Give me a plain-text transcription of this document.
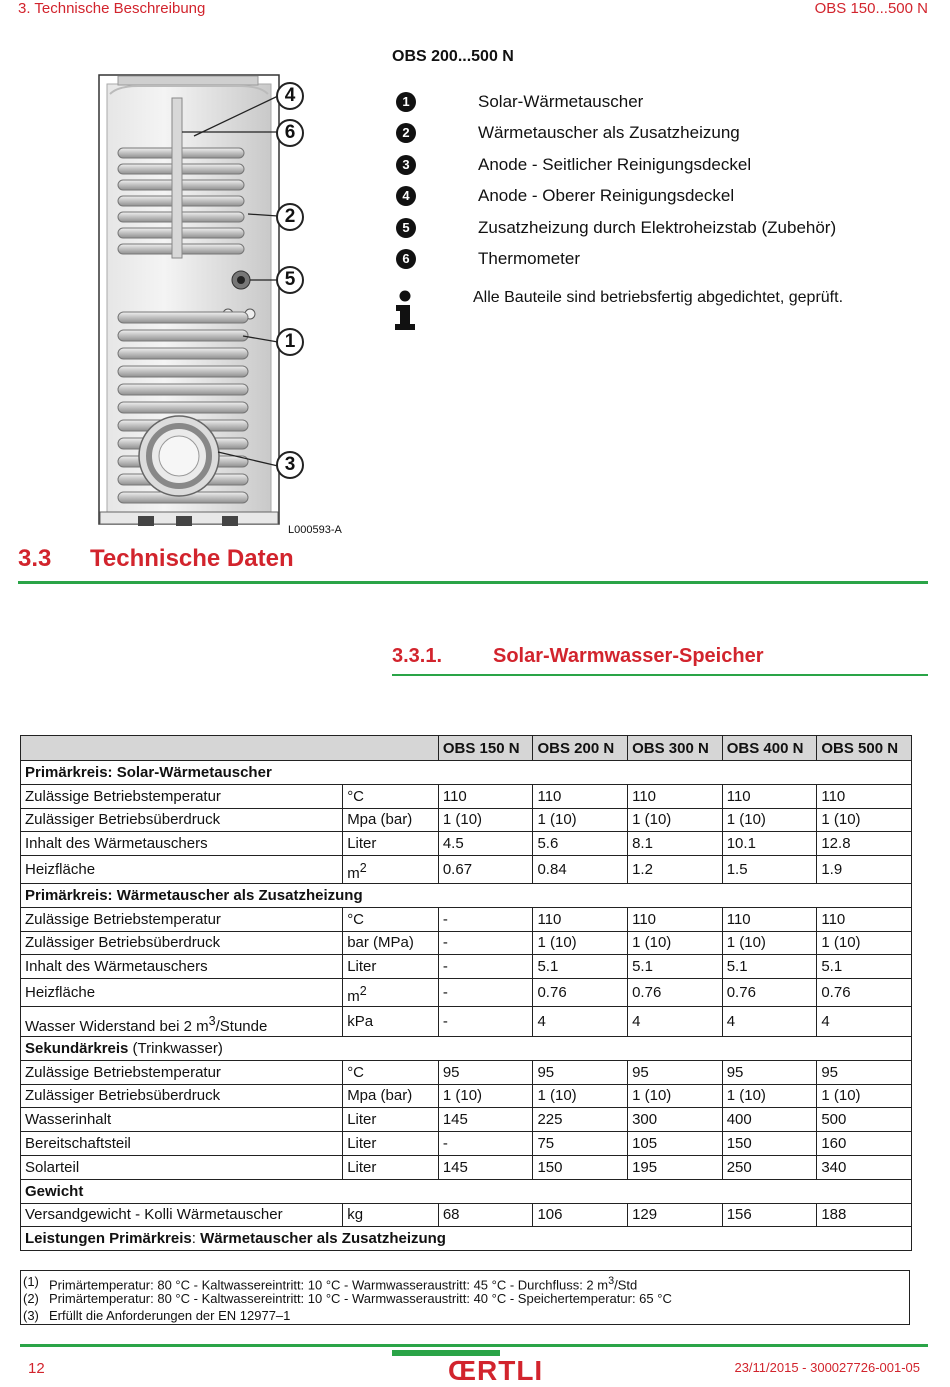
3. Technische Beschreibung	OBS 150...500 N
4
6
2
5
1
3
L000593-A
OBS 200...500 N
1	Solar-Wärmetauscher
2	Wärmetauscher als Zusatzheizung
3	Anode - Seitlicher Reinigungsdeckel
4	Anode - Oberer Reinigungsdeckel
5	Zusatzheizung durch Elektroheizstab (Zubehör)
6	Thermometer
Alle Bauteile sind betriebsfertig abgedichtet, geprüft.
3.3 Technische Daten
3.3.1.	Solar-Warmwasser-Speicher
		OBS 150 N	OBS 200 N	OBS 300 N	OBS 400 N	OBS 500 N
Primärkreis: Solar-Wärmetauscher						
Zulässige Betriebstemperatur	°C	110	110	110	110	110
Zulässiger Betriebsüberdruck	Mpa (bar)	1 (10)	1 (10)	1 (10)	1 (10)	1 (10)
Inhalt des Wärmetauschers	Liter	4.5	5.6	8.1	10.1	12.8
Heizfläche	$m^2$	0.67	0.84	1.2	1.5	1.9
Primärkreis: Wärmetauscher als Zusatzheizung						
Zulässige Betriebstemperatur	°C	-	110	110	110	110
Zulässiger Betriebsüberdruck	bar (MPa)	-	1 (10)	1 (10)	1 (10)	1 (10)
Inhalt des Wärmetauschers	Liter	-	5.1	5.1	5.1	5.1
Heizfläche	$m^2$	-	0.76	0.76	0.76	0.76
Wasser Widerstand bei 2 $m^3$/Stunde	kPa	-	4	4	4	4
Sekundärkreis (Trinkwasser)						
Zulässige Betriebstemperatur	°C	95	95	95	95	95
Zulässiger Betriebsüberdruck	Mpa (bar)	1 (10)	1 (10)	1 (10)	1 (10)	1 (10)
Wasserinhalt	Liter	145	225	300	400	500
Bereitschaftsteil	Liter	-	75	105	150	160
Solarteil	Liter	145	150	195	250	340
Gewicht						
Versandgewicht - Kolli Wärmetauscher	kg	68	106	129	156	188
Leistungen Primärkreis: Wärmetauscher als Zusatzheizung						
(1) Primärtemperatur: 80 °C - Kaltwassereintritt: 10 °C - Warmwasseraustritt: 45 °C - Durchfluss: 2 $m^3$/Std
(2) Primärtemperatur: 80 °C - Kaltwassereintritt: 10 °C - Warmwasseraustritt: 40 °C - Speichertemperatur: 65 °C
(3) Erfüllt die Anforderungen der EN 12977–1
12	ŒRTLI	23/11/2015 - 300027726-001-05
